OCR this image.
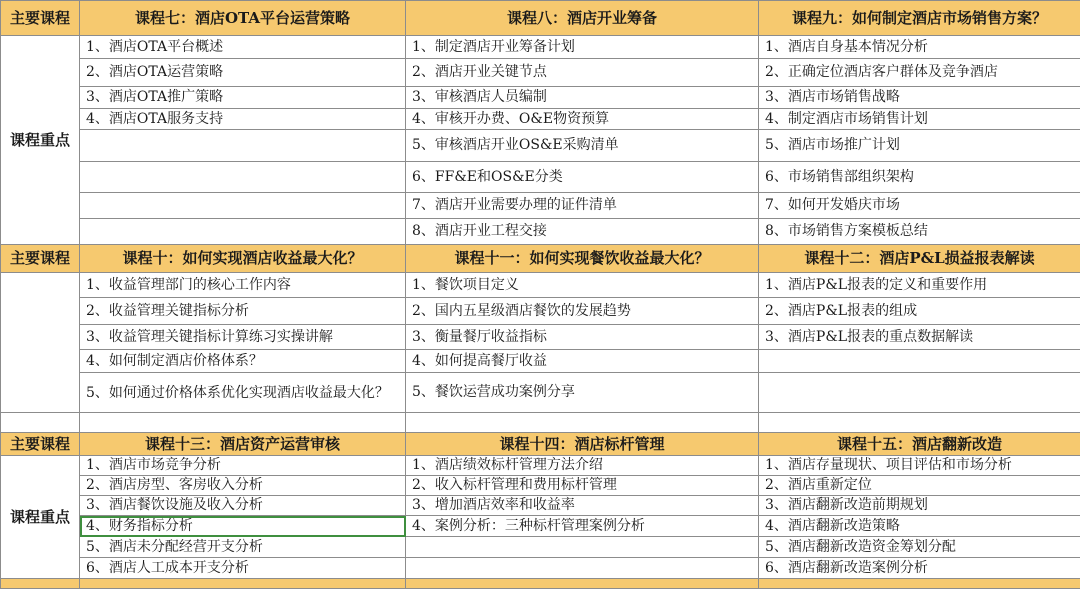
主要课程	课程七：酒店OTA平台运营策略	课程八：酒店开业筹备	课程九：如何制定酒店市场销售方案？
课程重点	1、酒店OTA平台概述	1、制定酒店开业筹备计划	1、酒店自身基本情况分析
	2、酒店OTA运营策略	2、酒店开业关键节点	2、正确定位酒店客户群体及竞争酒店
	3、酒店OTA推广策略	3、审核酒店人员编制	3、酒店市场销售战略
	4、酒店OTA服务支持	4、审核开办费、O&E物资预算	4、制定酒店市场销售计划
		5、审核酒店开业OS&E采购清单	5、酒店市场推广计划
		6、FF&E和OS&E分类	6、市场销售部组织架构
		7、酒店开业需要办理的证件清单	7、如何开发婚庆市场
		8、酒店开业工程交接	8、市场销售方案模板总结
主要课程	课程十：如何实现酒店收益最大化？	课程十一：如何实现餐饮收益最大化？	课程十二：酒店P&L损益报表解读
	1、收益管理部门的核心工作内容	1、餐饮项目定义	1、酒店P&L报表的定义和重要作用
	2、收益管理关键指标分析	2、国内五星级酒店餐饮的发展趋势	2、酒店P&L报表的组成
	3、收益管理关键指标计算练习实操讲解	3、衡量餐厅收益指标	3、酒店P&L报表的重点数据解读
	4、如何制定酒店价格体系？	4、如何提高餐厅收益	
	5、如何通过价格体系优化实现酒店收益最大化？	5、餐饮运营成功案例分享	

主要课程	课程十三：酒店资产运营审核	课程十四：酒店标杆管理	课程十五：酒店翻新改造
课程重点	1、酒店市场竞争分析	1、酒店绩效标杆管理方法介绍	1、酒店存量现状、项目评估和市场分析
	2、酒店房型、客房收入分析	2、收入标杆管理和费用标杆管理	2、酒店重新定位
	3、酒店餐饮设施及收入分析	3、增加酒店效率和收益率	3、酒店翻新改造前期规划
	4、财务指标分析	4、案例分析：三种标杆管理案例分析	4、酒店翻新改造策略
	5、酒店未分配经营开支分析		5、酒店翻新改造资金筹划分配
	6、酒店人工成本开支分析		6、酒店翻新改造案例分析
